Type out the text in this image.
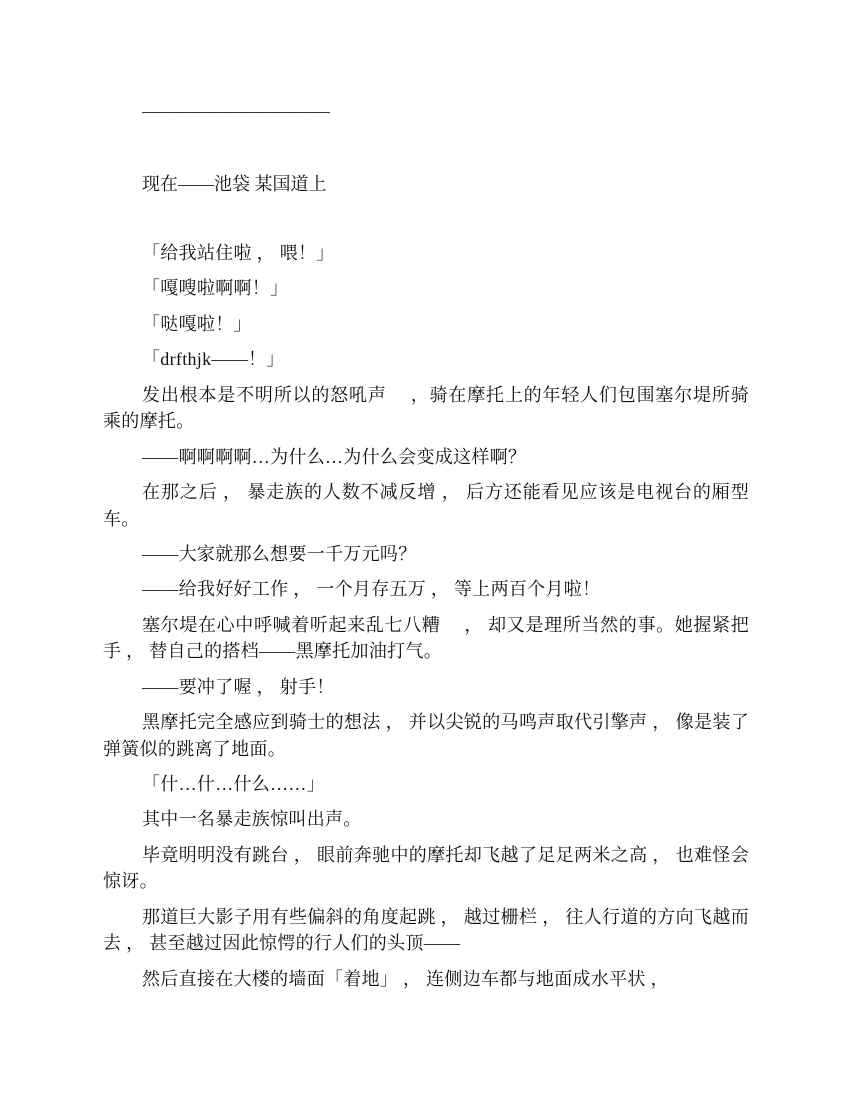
———————————

现在——池袋 某国道上

「给我站住啦 ， 喂！」

「嘎嗖啦啊啊！」

「哒嘎啦！」

「drfthjk——！」

发出根本是不明所以的怒吼声 　，骑在摩托上的年轻人们包围塞尔堤所骑乘的摩托。

——啊啊啊啊…为什么…为什么会变成这样啊？

在那之后 ， 暴走族的人数不减反增 ， 后方还能看见应该是电视台的厢型车。

——大家就那么想要一千万元吗？

——给我好好工作 ， 一个月存五万 ， 等上两百个月啦！

塞尔堤在心中呼喊着听起来乱七八糟 　， 却又是理所当然的事。她握紧把手 ， 替自己的搭档——黑摩托加油打气。

——要冲了喔 ， 射手！

黑摩托完全感应到骑士的想法 ， 并以尖锐的马鸣声取代引擎声 ， 像是装了弹簧似的跳离了地面。

「什…什…什么……」

其中一名暴走族惊叫出声。

毕竟明明没有跳台 ， 眼前奔驰中的摩托却飞越了足足两米之高 ， 也难怪会惊讶。

那道巨大影子用有些偏斜的角度起跳 ， 越过栅栏 ， 往人行道的方向飞越而去 ， 甚至越过因此惊愕的行人们的头顶——

然后直接在大楼的墙面「着地」 ， 连侧边车都与地面成水平状 ，
